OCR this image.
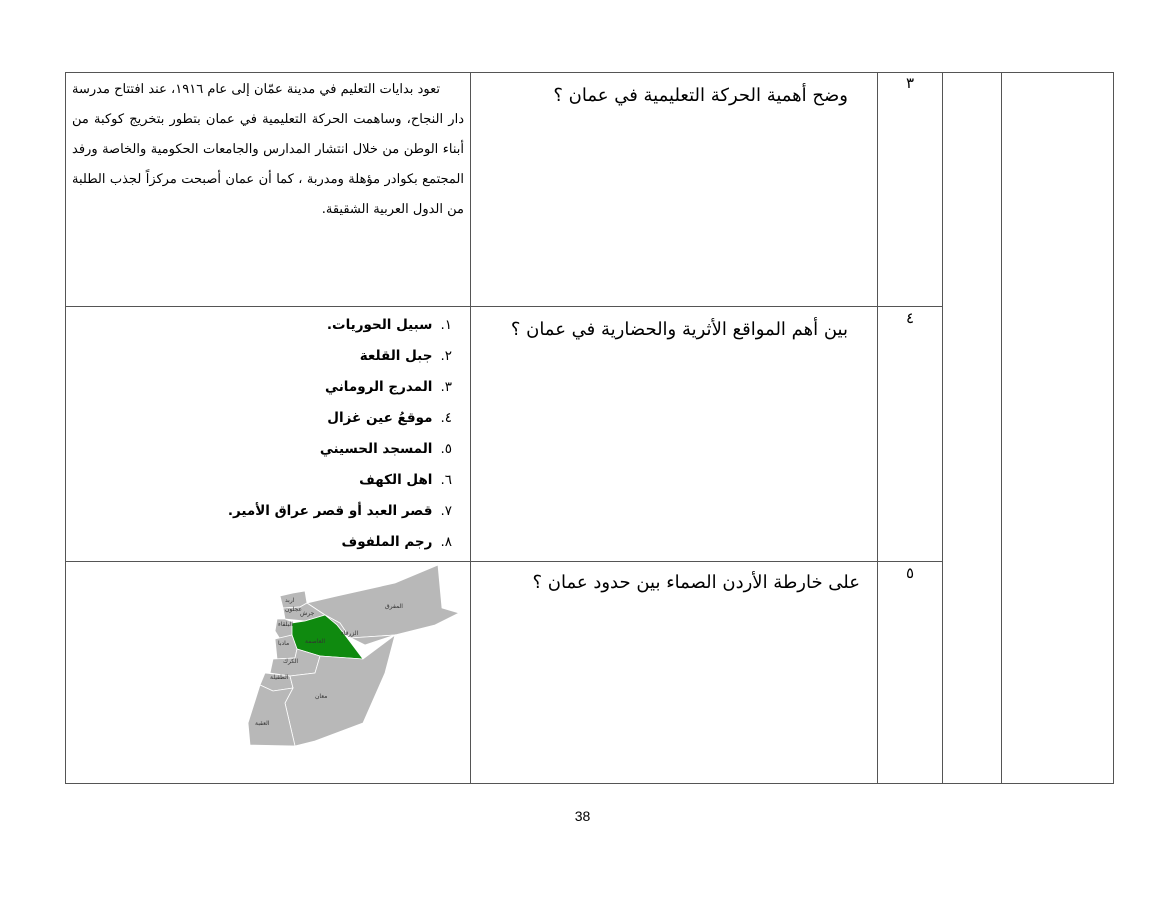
٣
وضح أهمية الحركة التعليمية في عمان ؟
تعود بدايات التعليم في مدينة عمّان إلى عام ١٩١٦، عند افتتاح مدرسة دار النجاح، وساهمت الحركة التعليمية في عمان بتطور بتخريج كوكبة من أبناء الوطن من خلال انتشار المدارس والجامعات الحكومية والخاصة ورفد المجتمع بكوادر مؤهلة ومدربة ، كما أن عمان أصبحت مركزاً لجذب الطلبة من الدول العربية الشقيقة.
٤
بين أهم المواقع الأثرية والحضارية في عمان ؟
١.سبيل الحوريات.
٢.جبل القلعة
٣.المدرج الروماني
٤.موقعُ عين غزال
٥.المسجد الحسيني
٦.اهل الكهف
٧.قصر العبد أو قصر عراق الأمير.
٨.رجم الملفوف
٥
على خارطة الأردن الصماء بين حدود عمان ؟
اربد
عجلون
جرش
البلقاء
المفرق
الزرقاء
العاصمة
مادبا
الكرك
الطفيلة
معان
العقبة
38
